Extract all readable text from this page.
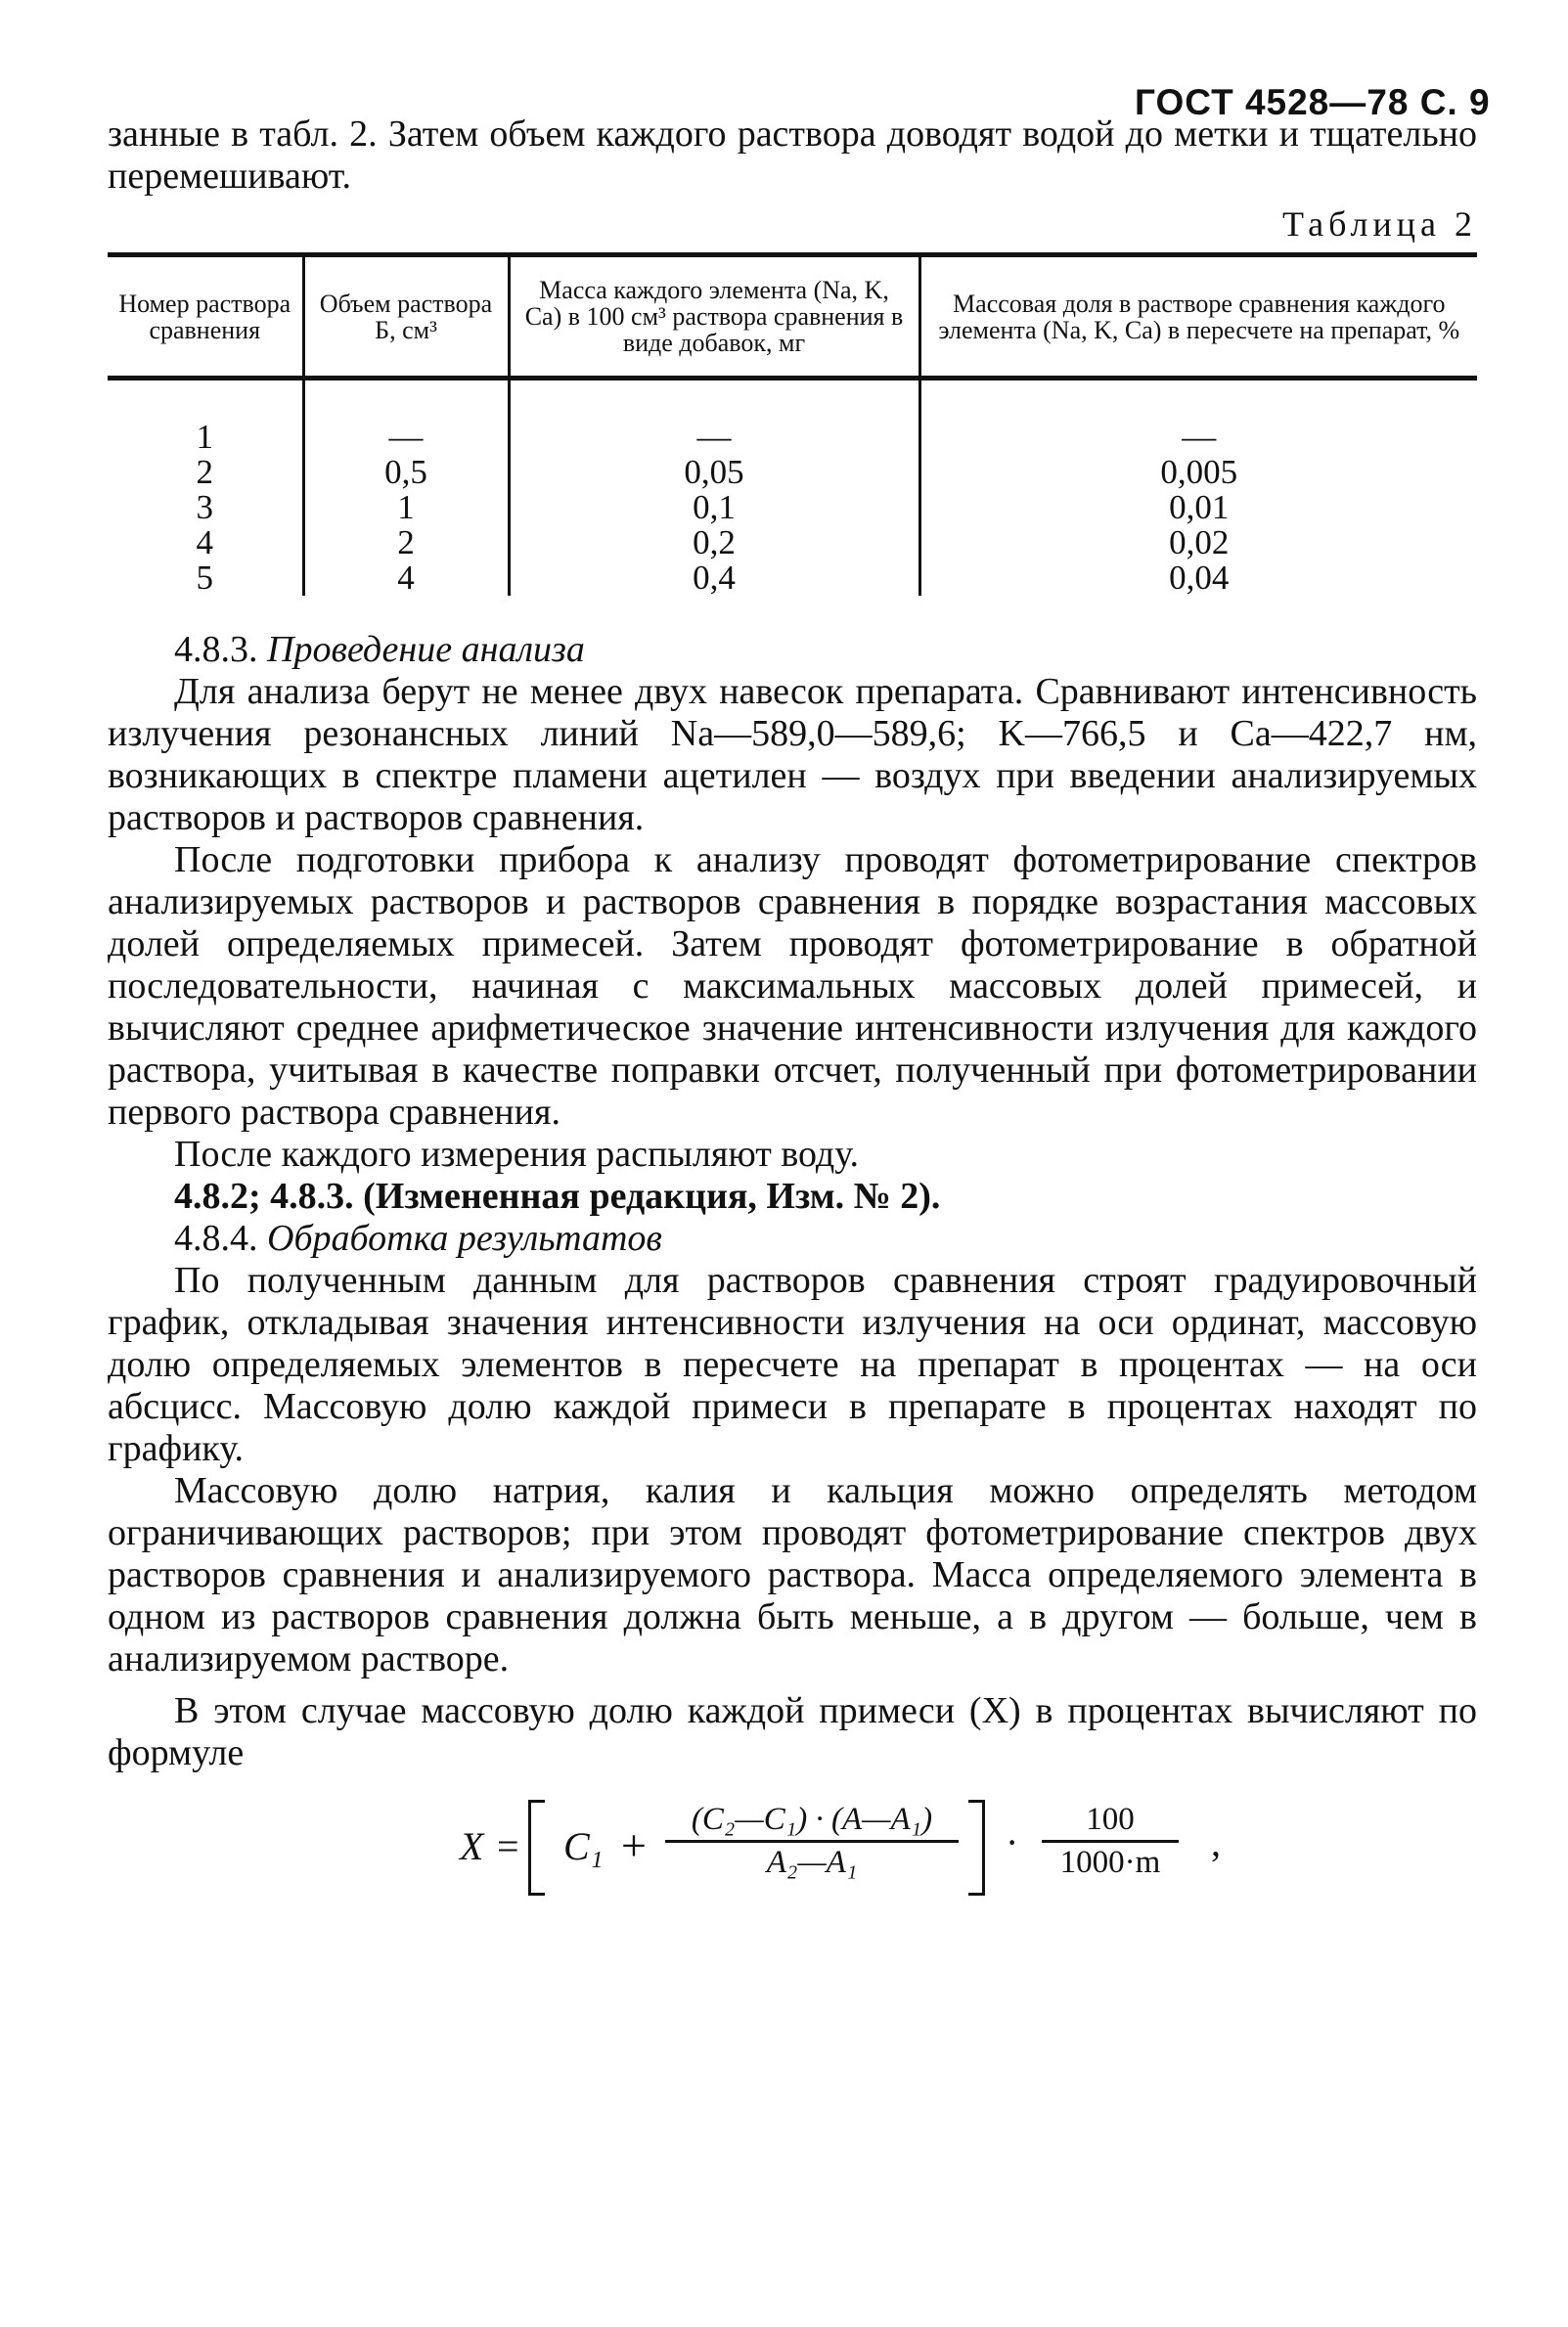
ГОСТ 4528—78 С. 9

занные в табл. 2. Затем объем каждого раствора доводят водой до метки и тщательно перемешивают.

Таблица 2
Номер раствора сравнения	Объем раствора Б, см³	Масса каждого элемента (Na, K, Ca) в 100 см³ раствора сравнения в виде добавок, мг	Массовая доля в растворе сравнения каждого элемента (Na, K, Ca) в пересчете на препарат, %
1	—	—	—
2	0,5	0,05	0,005
3	1	0,1	0,01
4	2	0,2	0,02
5	4	0,4	0,04

4.8.3. Проведение анализа

Для анализа берут не менее двух навесок препарата. Сравнивают интенсивность излучения резонансных линий Na—589,0—589,6; K—766,5 и Ca—422,7 нм, возникающих в спектре пламени ацетилен — воздух при введении анализируемых растворов и растворов сравнения.

После подготовки прибора к анализу проводят фотометрирование спектров анализируемых растворов и растворов сравнения в порядке возрастания массовых долей определяемых примесей. Затем проводят фотометрирование в обратной последовательности, начиная с максимальных массовых долей примесей, и вычисляют среднее арифметическое значение интенсивности излучения для каждого раствора, учитывая в качестве поправки отсчет, полученный при фотометрировании первого раствора сравнения.

После каждого измерения распыляют воду.

4.8.2; 4.8.3. (Измененная редакция, Изм. № 2).

4.8.4. Обработка результатов

По полученным данным для растворов сравнения строят градуировочный график, откладывая значения интенсивности излучения на оси ординат, массовую долю определяемых элементов в пересчете на препарат в процентах — на оси абсцисс. Массовую долю каждой примеси в препарате в процентах находят по графику.

Массовую долю натрия, калия и кальция можно определять методом ограничивающих растворов; при этом проводят фотометрирование спектров двух растворов сравнения и анализируемого раствора. Масса определяемого элемента в одном из растворов сравнения должна быть меньше, а в другом — больше, чем в анализируемом растворе.

В этом случае массовую долю каждой примеси (X) в процентах вычисляют по формуле

$X = C_1 + \frac{\text{(C₂—C₁) · (A—A₁)}}{\text{A₂—A₁}} \cdot \frac{100}{1000\cdot m}$ ,
